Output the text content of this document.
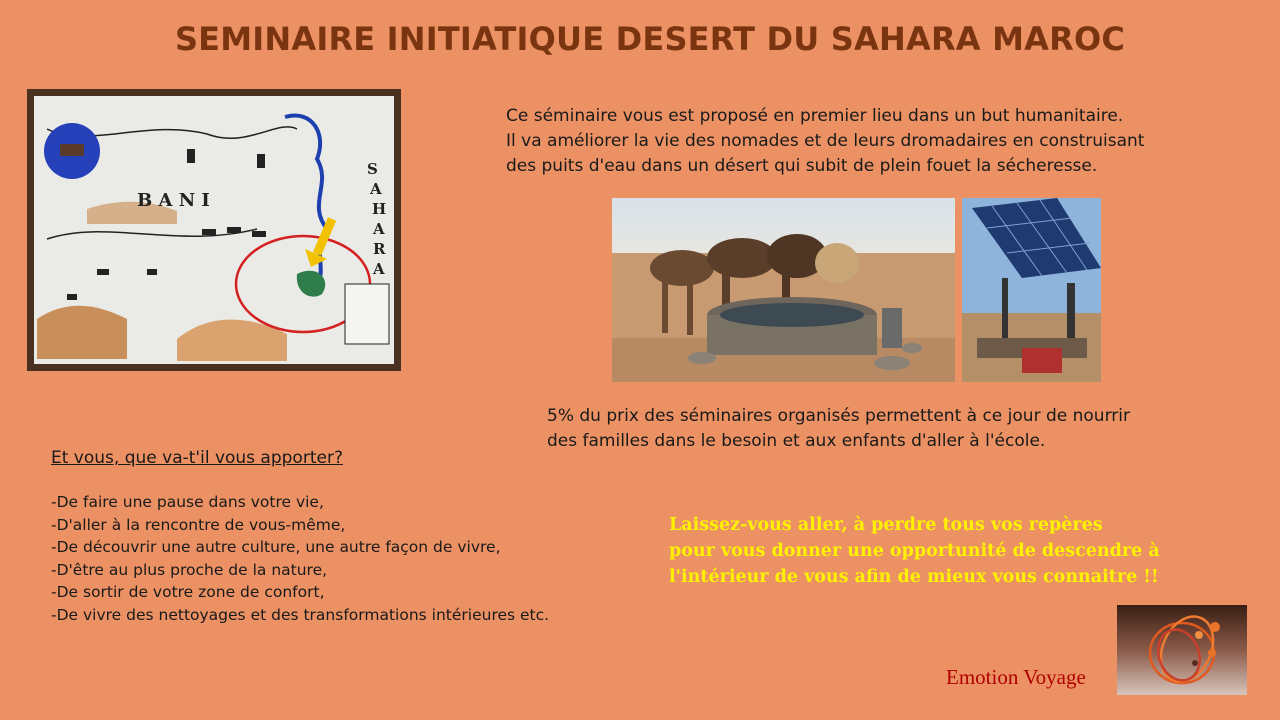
SEMINAIRE INITIATIQUE DESERT DU SAHARA MAROC
B A N I
S
A
H
A
R
A
Ce séminaire vous est proposé en premier lieu dans un but humanitaire.
Il va améliorer la vie des nomades et de leurs dromadaires en construisant
des puits d'eau dans un désert qui subit de plein fouet la sécheresse.
5% du prix des séminaires organisés permettent à ce jour de nourrir
des familles dans le besoin et aux enfants d'aller à l'école.
Et vous, que va-t'il vous apporter?
-De faire une pause dans votre vie,
-D'aller à la rencontre de vous-même,
-De découvrir une autre culture, une autre façon de vivre,
-D'être au plus proche de la nature,
-De sortir de votre zone de confort,
-De vivre des nettoyages et des transformations intérieures etc.
Laissez-vous aller, à perdre tous vos repères
pour vous donner une opportunité de descendre à
l'intérieur de vous afin de mieux vous connaitre !!
Emotion Voyage
